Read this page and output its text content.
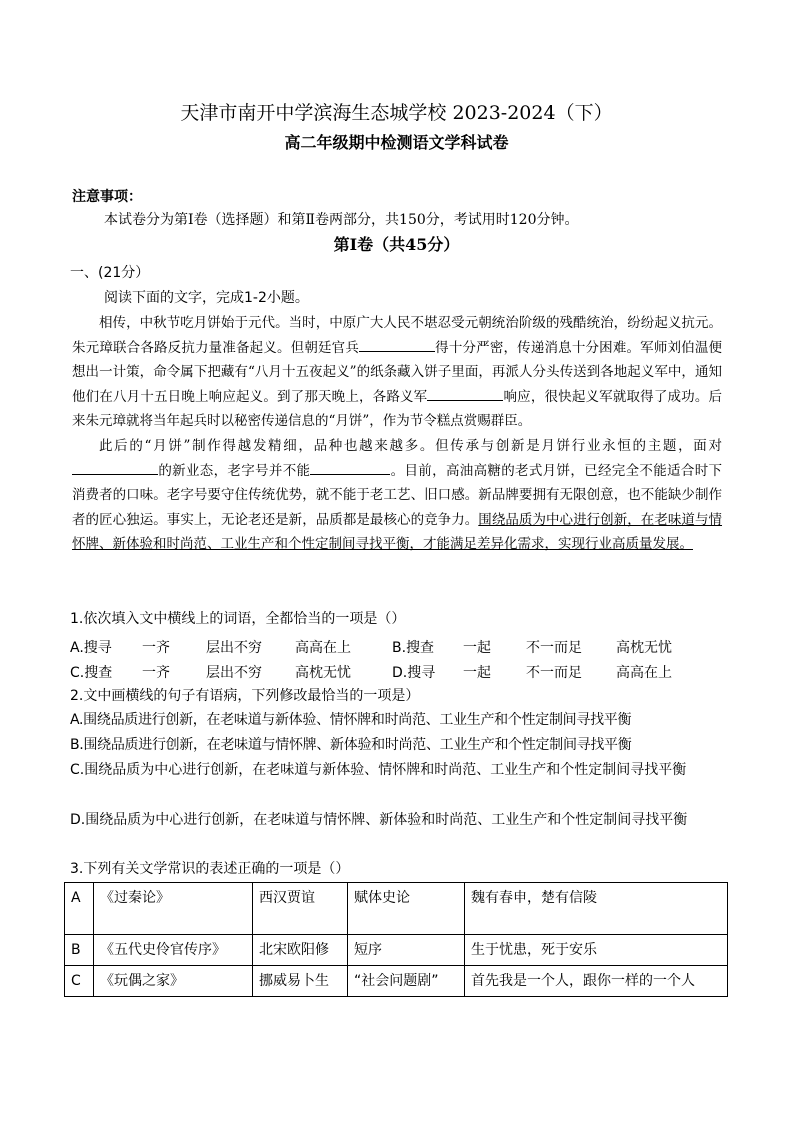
天津市南开中学滨海生态城学校 2023-2024（下）
高二年级期中检测语文学科试卷
注意事项：
本试卷分为第Ⅰ卷（选择题）和第Ⅱ卷两部分，共150分，考试用时120分钟。
第Ⅰ卷（共45分）
一、(21分）
阅读下面的文字，完成1-2小题。

相传，中秋节吃月饼始于元代。当时，中原广大人民不堪忍受元朝统治阶级的残酷统治，纷纷起义抗元。朱元璋联合各路反抗力量准备起义。但朝廷官兵	得十分严密，传递消息十分困难。军师刘伯温便想出一计策，命令属下把藏有“八月十五夜起义”的纸条藏入饼子里面，再派人分头传送到各地起义军中，通知他们在八月十五日晚上响应起义。到了那天晚上，各路义军	响应，很快起义军就取得了成功。后来朱元璋就将当年起兵时以秘密传递信息的“月饼”，作为节令糕点赏赐群臣。

此后的“月饼”制作得越发精细，品种也越来越多。但传承与创新是月饼行业永恒的主题，面对的新业态，老字号并不能	。目前，高油高糖的老式月饼，已经完全不能适合时下消费者的口味。老字号要守住传统优势，就不能于老工艺、旧口感。新品牌要拥有无限创意，也不能缺少制作者的匠心独运。事实上，无论老还是新，品质都是最核心的竞争力。围绕品质为中心进行创新，在老味道与情怀牌、新体验和时尚范、工业生产和个性定制间寻找平衡，才能满足差异化需求，实现行业高质量发展。

1.依次填入文中横线上的词语，全都恰当的一项是（）
A.搜寻 一齐	层出不穷 高高在上	B.搜查 一起	不一而足 高枕无忧
C.搜查 一齐	层出不穷 高枕无忧	D.搜寻 一起	不一而足 高高在上
2.文中画横线的句子有语病，下列修改最恰当的一项是）
A.围绕品质进行创新，在老味道与新体验、情怀牌和时尚范、工业生产和个性定制间寻找平衡
B.围绕品质进行创新，在老味道与情怀牌、新体验和时尚范、工业生产和个性定制间寻找平衡
C.围绕品质为中心进行创新，在老味道与新体验、情怀牌和时尚范、工业生产和个性定制间寻找平衡
D.围绕品质为中心进行创新，在老味道与情怀牌、新体验和时尚范、工业生产和个性定制间寻找平衡
3.下列有关文学常识的表述正确的一项是（）
A	《过秦论》	西汉贾谊	赋体史论	魏有春申，楚有信陵
B	《五代史伶官传序》	北宋欧阳修	短序	生于忧患，死于安乐
C	《玩偶之家》	挪威易卜生	“社会问题剧”	首先我是一个人，跟你一样的一个人
